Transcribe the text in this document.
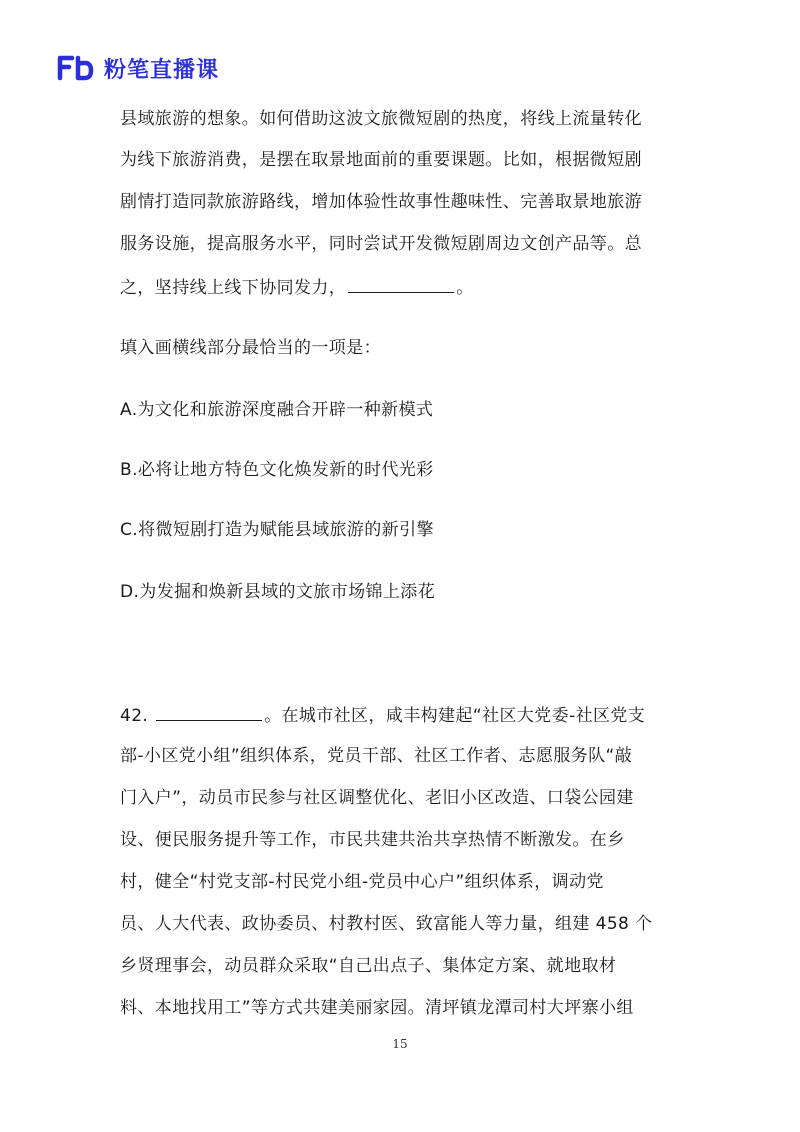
粉笔直播课
县域旅游的想象。如何借助这波文旅微短剧的热度，将线上流量转化
为线下旅游消费，是摆在取景地面前的重要课题。比如，根据微短剧
剧情打造同款旅游路线，增加体验性故事性趣味性、完善取景地旅游
服务设施，提高服务水平，同时尝试开发微短剧周边文创产品等。总
之，坚持线上线下协同发力，	。
填入画横线部分最恰当的一项是：
A.为文化和旅游深度融合开辟一种新模式
B.必将让地方特色文化焕发新的时代光彩
C.将微短剧打造为赋能县域旅游的新引擎
D.为发掘和焕新县域的文旅市场锦上添花
42.	。在城市社区，咸丰构建起“社区大党委-社区党支
部-小区党小组”组织体系，党员干部、社区工作者、志愿服务队“敲
门入户”，动员市民参与社区调整优化、老旧小区改造、口袋公园建
设、便民服务提升等工作，市民共建共治共享热情不断激发。在乡
村，健全“村党支部-村民党小组-党员中心户”组织体系，调动党
员、人大代表、政协委员、村教村医、致富能人等力量，组建 458 个
乡贤理事会，动员群众采取“自己出点子、集体定方案、就地取材
料、本地找用工”等方式共建美丽家园。清坪镇龙潭司村大坪寨小组
15
